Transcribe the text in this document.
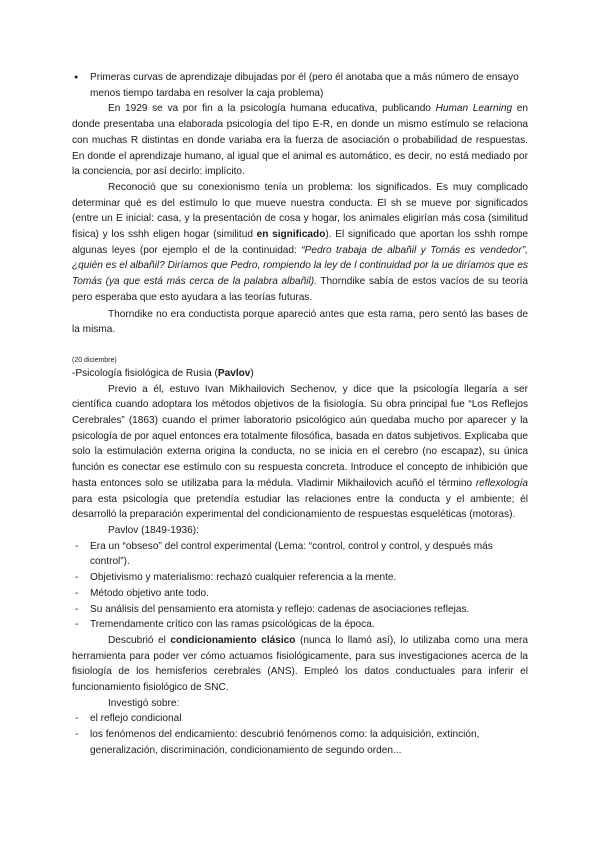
● Primeras curvas de aprendizaje dibujadas por él (pero él anotaba que a más número de ensayo menos tiempo tardaba en resolver la caja problema)

En 1929 se va por fin a la psicología humana educativa, publicando Human Learning en donde presentaba una elaborada psicología del tipo E-R, en donde un mismo estímulo se relaciona con muchas R distintas en donde variaba era la fuerza de asociación o probabilidad de respuestas. En donde el aprendizaje humano, al igual que el animal es automático, es decir, no está mediado por la conciencia, por así decirlo: implícito.

Reconoció que su conexionismo tenía un problema: los significados. Es muy complicado determinar qué es del estímulo lo que mueve nuestra conducta. El sh se mueve por significados (entre un E inicial: casa, y la presentación de cosa y hogar, los animales eligirían más cosa (similitud física) y los sshh eligen hogar (similitud en significado). El significado que aportan los sshh rompe algunas leyes (por ejemplo el de la continuidad: “Pedro trabaja de albañil y Tomás es vendedor”, ¿quién es el albañil? Diríamos que Pedro, rompiendo la ley de l continuidad por la ue diríamos que es Tomás (ya que está más cerca de la palabra albañil). Thorndike sabía de estos vacíos de su teoría pero esperaba que esto ayudara a las teorías futuras.

Thorndike no era conductista porque apareció antes que esta rama, pero sentó las bases de la misma.

(20 diciembre)

-Psicología fisiológica de Rusia (Pavlov)

Previo a él, estuvo Ivan Mikhailovich Sechenov, y dice que la psicología llegaría a ser científica cuando adoptara los métodos objetivos de la fisiología. Su obra principal fue “Los Reflejos Cerebrales” (1863) cuando el primer laboratorio psicológico aún quedaba mucho por aparecer y la psicología de por aquel entonces era totalmente filosófica, basada en datos subjetivos. Explicaba que solo la estimulación externa origina la conducta, no se inicia en el cerebro (no escapaz), su única función es conectar ese estímulo con su respuesta concreta. Introduce el concepto de inhibición que hasta entonces solo se utilizaba para la médula. Vladimir Mikhailovich acuñó el término reflexología para esta psicología que pretendía estudiar las relaciones entre la conducta y el ambiente; él desarrolló la preparación experimental del condicionamiento de respuestas esqueléticas (motoras).

Pavlov (1849-1936):

- Era un “obseso” del control experimental (Lema: “control, control y control, y después más control”).
- Objetivismo y materialismo: rechazó cualquier referencia a la mente.
- Método objetivo ante todo.
- Su análisis del pensamiento era atomista y reflejo: cadenas de asociaciones reflejas.
- Tremendamente crítico con las ramas psicológicas de la época.

Descubrió el condicionamiento clásico (nunca lo llamó así), lo utilizaba como una mera herramienta para poder ver cómo actuamos fisiológicamente, para sus investigaciones acerca de la fisiología de los hemisferios cerebrales (ANS). Empleó los datos conductuales para inferir el funcionamiento fisiológico de SNC.

Investigó sobre:

- el reflejo condicional
- los fenómenos del endicamiento: descubrió fenómenos como: la adquisición, extinción, generalización, discriminación, condicionamiento de segundo orden...
